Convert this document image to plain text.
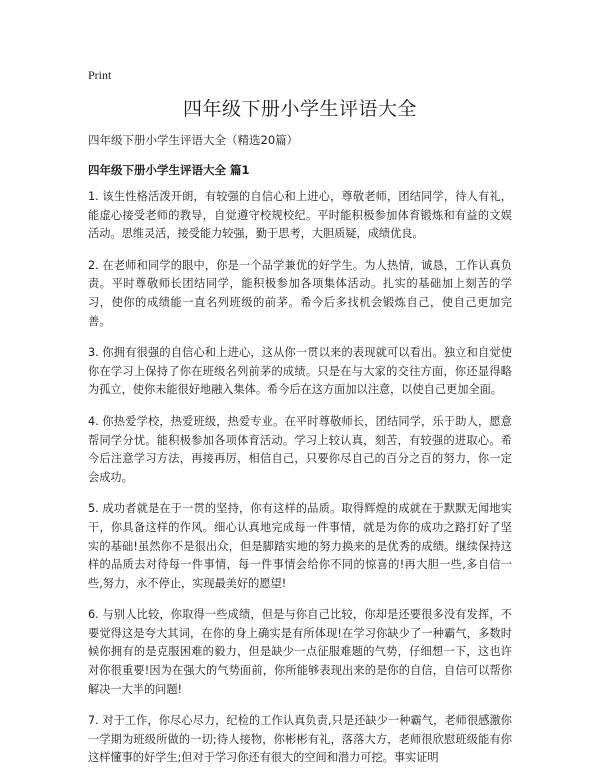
Print
四年级下册小学生评语大全

四年级下册小学生评语大全（精选20篇）

四年级下册小学生评语大全 篇1

1. 该生性格活泼开朗，有较强的自信心和上进心，尊敬老师，团结同学，待人有礼，能虚心接受老师的教导，自觉遵守校规校纪。平时能积极参加体育锻炼和有益的文娱活动。思维灵活，接受能力较强，勤于思考，大胆质疑，成绩优良。

2. 在老师和同学的眼中，你是一个品学兼优的好学生。为人热情，诚恳，工作认真负责。平时尊敬师长团结同学，能积极参加各项集体活动。扎实的基础加上刻苦的学习，使你的成绩能一直名列班级的前茅。希今后多找机会锻炼自己，使自己更加完善。

3. 你拥有很强的自信心和上进心，这从你一贯以来的表现就可以看出。独立和自觉使你在学习上保持了你在班级名列前茅的成绩。只是在与大家的交往方面，你还显得略为孤立，使你未能很好地融入集体。希今后在这方面加以注意，以使自己更加全面。

4. 你热爱学校，热爱班级，热爱专业。在平时尊敬师长，团结同学，乐于助人，愿意帮同学分忧。能积极参加各项体育活动。学习上较认真，刻苦，有较强的进取心。希今后注意学习方法，再接再厉，相信自己，只要你尽自己的百分之百的努力，你一定会成功。

5. 成功者就是在于一贯的坚持，你有这样的品质。取得辉煌的成就在于默默无闻地实干，你具备这样的作风。细心认真地完成每一件事情，就是为你的成功之路打好了坚实的基础!虽然你不是很出众，但是脚踏实地的努力换来的是优秀的成绩。继续保持这样的品质去对待每一件事情，每一件事情会给你不同的惊喜的!再大胆一些,多自信一些,努力，永不停止，实现最美好的愿望!

6. 与别人比较，你取得一些成绩，但是与你自己比较，你却是还要很多没有发挥，不要觉得这是夸大其词，在你的身上确实是有所体现!在学习你缺少了一种霸气，多数时候你拥有的是克服困难的毅力，但是缺少一点征服难题的气势，仔细想一下，这也许对你很重要!因为在强大的气势面前，你所能够表现出来的是你的自信，自信可以帮你解决一大半的问题!

7. 对于工作，你尽心尽力，纪检的工作认真负责,只是还缺少一种霸气，老师很感激你一学期为班级所做的一切;待人接物，你彬彬有礼，落落大方，老师很欣慰班级能有你这样懂事的好学生;但对于学习你还有很大的空间和潜力可挖。事实证明
